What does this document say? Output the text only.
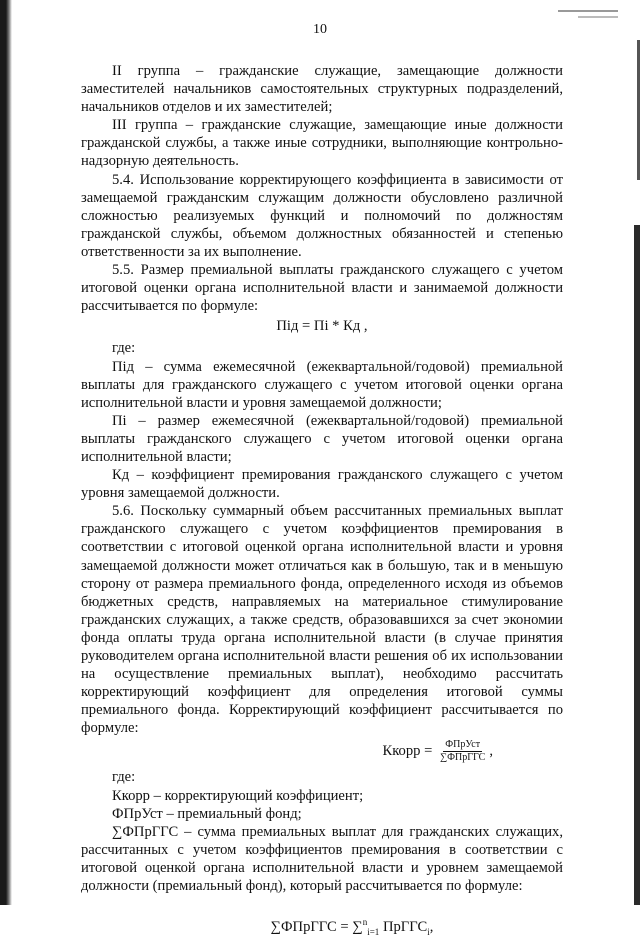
10

II группа – гражданские служащие, замещающие должности заместителей начальников самостоятельных структурных подразделений, начальников отделов и их заместителей;

III группа – гражданские служащие, замещающие иные должности гражданской службы, а также иные сотрудники, выполняющие контрольно-надзорную деятельность.

5.4. Использование корректирующего коэффициента в зависимости от замещаемой гражданским служащим должности обусловлено различной сложностью реализуемых функций и полномочий по должностям гражданской службы, объемом должностных обязанностей и степенью ответственности за их выполнение.

5.5. Размер премиальной выплаты гражданского служащего с учетом итоговой оценки органа исполнительной власти и занимаемой должности рассчитывается по формуле:

Пiд = Пi * Кд ,

где:

Пiд – сумма ежемесячной (ежеквартальной/годовой) премиальной выплаты для гражданского служащего с учетом итоговой оценки органа исполнительной власти и уровня замещаемой должности;

Пi – размер ежемесячной (ежеквартальной/годовой) премиальной выплаты гражданского служащего с учетом итоговой оценки органа исполнительной власти;

Кд – коэффициент премирования гражданского служащего с учетом уровня замещаемой должности.

5.6. Поскольку суммарный объем рассчитанных премиальных выплат гражданского служащего с учетом коэффициентов премирования в соответствии с итоговой оценкой органа исполнительной власти и уровня замещаемой должности может отличаться как в большую, так и в меньшую сторону от размера премиального фонда, определенного исходя из объемов бюджетных средств, направляемых на материальное стимулирование гражданских служащих, а также средств, образовавшихся за счет экономии фонда оплаты труда органа исполнительной власти (в случае принятия руководителем органа исполнительной власти решения об их использовании на осуществление премиальных выплат), необходимо рассчитать корректирующий коэффициент для определения итоговой суммы премиального фонда. Корректирующий коэффициент рассчитывается по формуле:

Ккорр = $\frac{\text{ФПрУст}}{\text{∑ФПрГГС}}$ ,

где:

Ккорр – корректирующий коэффициент;

ФПрУст – премиальный фонд;

∑ФПрГГС – сумма премиальных выплат для гражданских служащих, рассчитанных с учетом коэффициентов премирования в соответствии с итоговой оценкой органа исполнительной власти и уровнем замещаемой должности (премиальный фонд), который рассчитывается по формуле:

∑ФПрГГС = ∑$^n_{i=1}$ ПрГГС$_i$,
